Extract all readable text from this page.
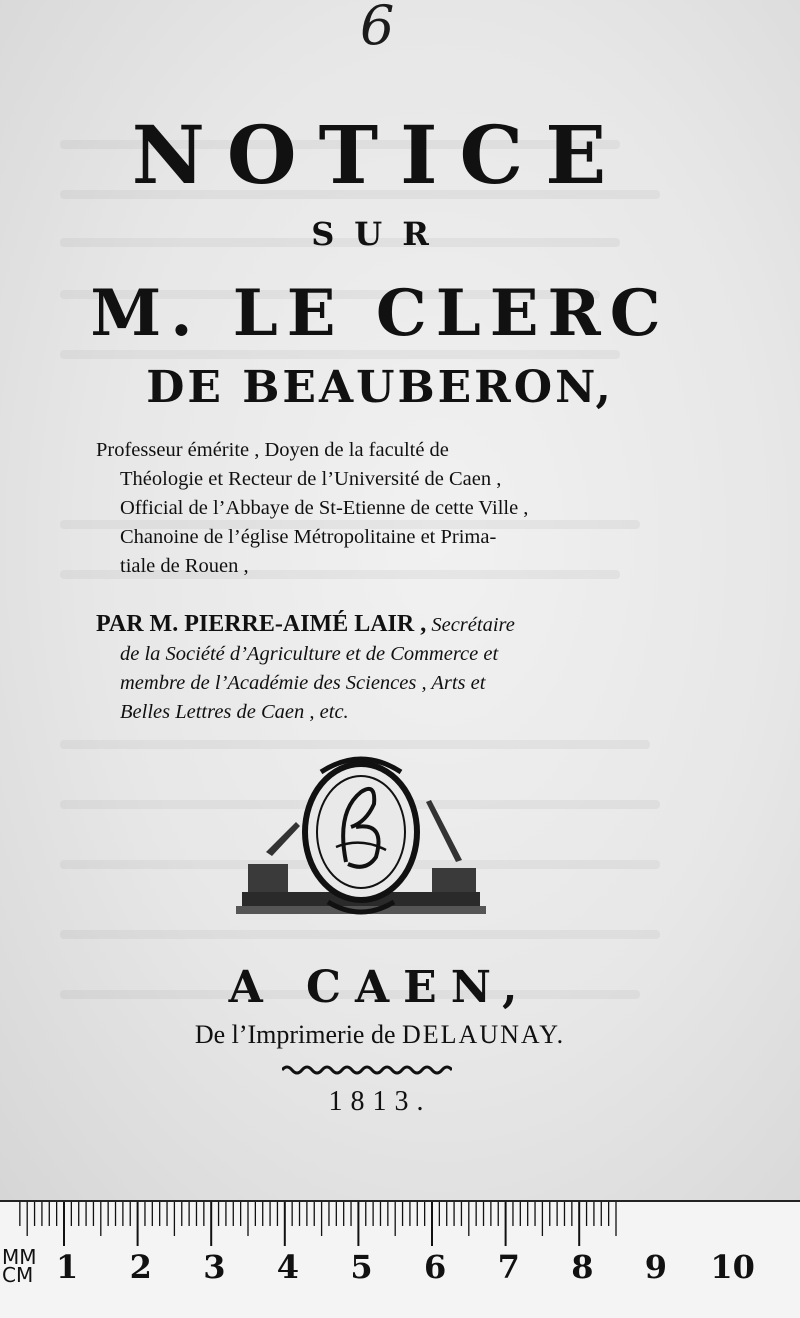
6
NOTICE
SUR
M. LE CLERC
DE BEAUBERON,
Professeur émérite , Doyen de la faculté de
Théologie et Recteur de l’Université de Caen ,
Official de l’Abbaye de St-Etienne de cette Ville ,
Chanoine de l’église Métropolitaine et Prima-
tiale de Rouen ,
PAR M. PIERRE-AIMÉ LAIR , Secrétaire
de la Société d’Agriculture et de Commerce et
membre de l’Académie des Sciences , Arts et
Belles Lettres de Caen , etc.
A CAEN,
De l’Imprimerie de DELAUNAY.
1813.
MM
CM 1 2 3 4 5 6 7 8 9 10
